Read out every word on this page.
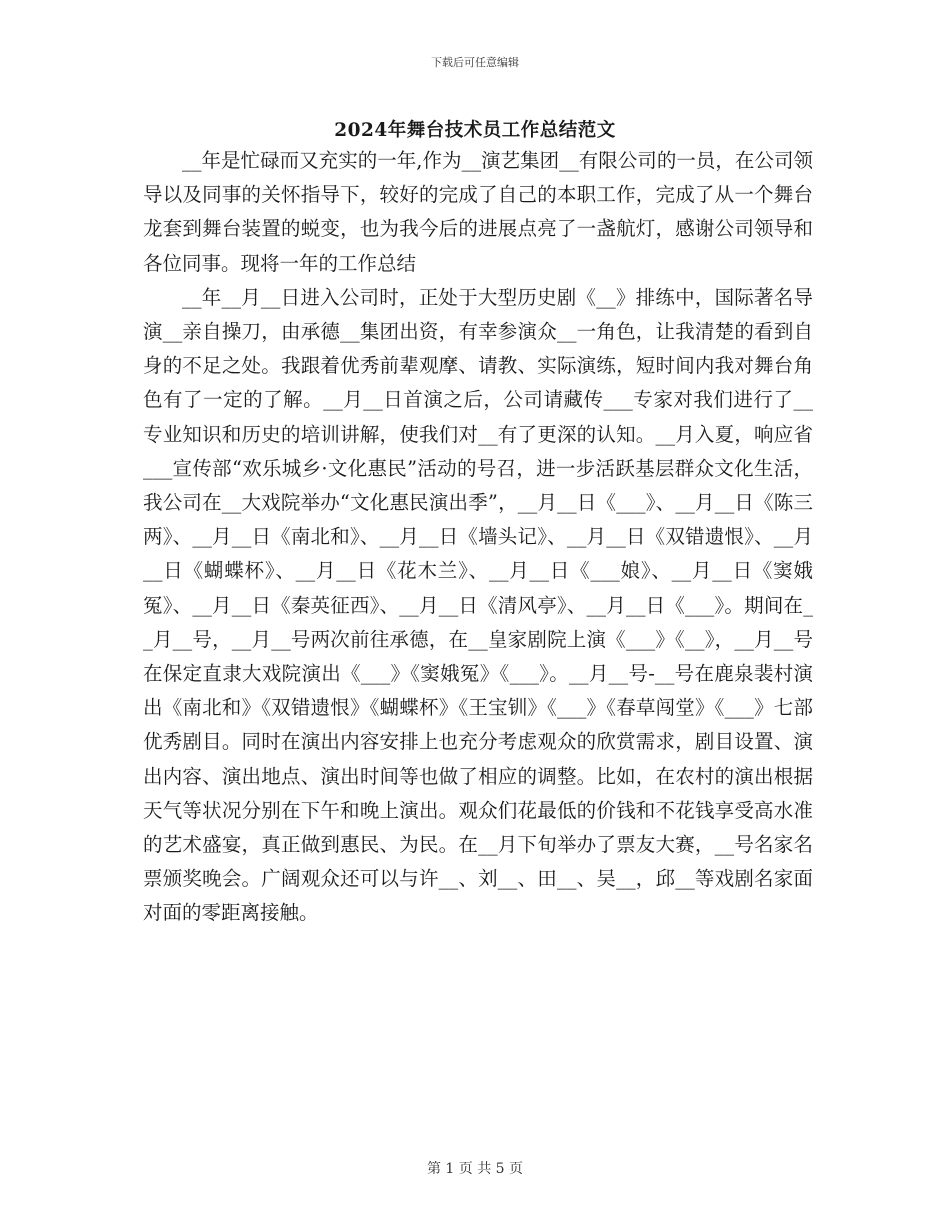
下载后可任意编辑
2024年舞台技术员工作总结范文

__年是忙碌而又充实的一年,作为__演艺集团__有限公司的一员，在公司领导以及同事的关怀指导下，较好的完成了自己的本职工作，完成了从一个舞台龙套到舞台装置的蜕变，也为我今后的进展点亮了一盏航灯，感谢公司领导和各位同事。现将一年的工作总结

__年__月__日进入公司时，正处于大型历史剧《__》排练中，国际著名导演__亲自操刀，由承德__集团出资，有幸参演众__一角色，让我清楚的看到自身的不足之处。我跟着优秀前辈观摩、请教、实际演练，短时间内我对舞台角色有了一定的了解。__月__日首演之后，公司请藏传___专家对我们进行了__专业知识和历史的培训讲解，使我们对__有了更深的认知。__月入夏，响应省___宣传部“欢乐城乡·文化惠民”活动的号召，进一步活跃基层群众文化生活，我公司在__大戏院举办“文化惠民演出季”，__月__日《___》、__月__日《陈三两》、__月__日《南北和》、__月__日《墙头记》、__月__日《双错遗恨》、__月__日《蝴蝶杯》、__月__日《花木兰》、__月__日《___娘》、__月__日《窦娥冤》、__月__日《秦英征西》、__月__日《清风亭》、__月__日《___》。期间在__月__号，__月__号两次前往承德，在__皇家剧院上演《___》《__》，__月__号在保定直隶大戏院演出《___》《窦娥冤》《___》。__月__号-__号在鹿泉裴村演出《南北和》《双错遗恨》《蝴蝶杯》《王宝钏》《___》《春草闯堂》《___》七部优秀剧目。同时在演出内容安排上也充分考虑观众的欣赏需求，剧目设置、演出内容、演出地点、演出时间等也做了相应的调整。比如，在农村的演出根据天气等状况分别在下午和晚上演出。观众们花最低的价钱和不花钱享受高水准的艺术盛宴，真正做到惠民、为民。在__月下旬举办了票友大赛，__号名家名票颁奖晚会。广阔观众还可以与许__、刘__、田__、吴__，邱__等戏剧名家面对面的零距离接触。

第 1 页 共 5 页
